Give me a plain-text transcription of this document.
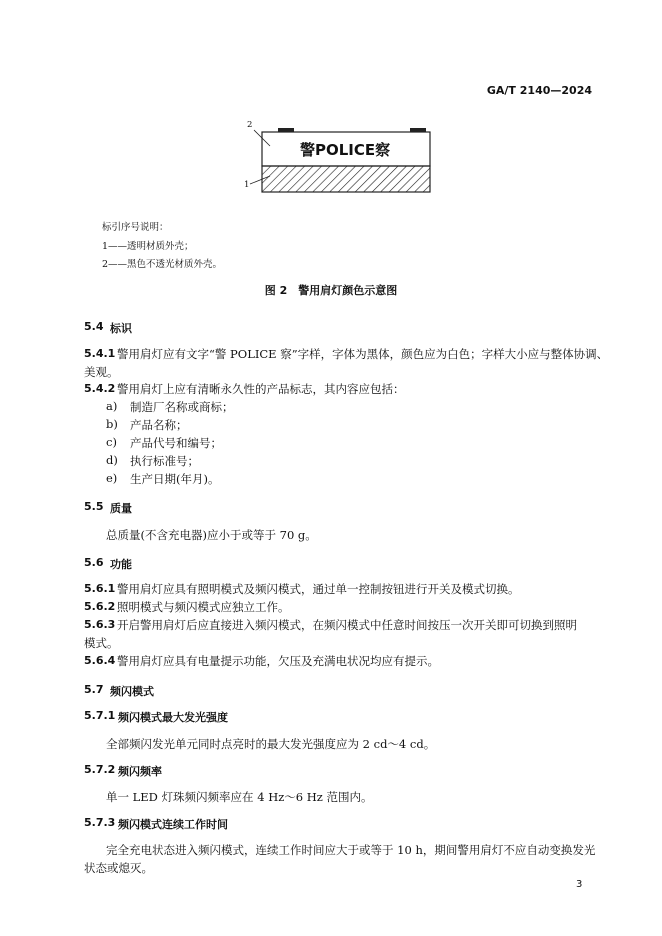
GA/T 2140—2024
2
1
警POLICE察
标引序号说明：
1——透明材质外壳；
2——黑色不透光材质外壳。
图 2　警用肩灯颜色示意图
5.4 标识
5.4.1 警用肩灯应有文字“警 POLICE 察”字样，字体为黑体，颜色应为白色；字样大小应与整体协调、
美观。
5.4.2 警用肩灯上应有清晰永久性的产品标志，其内容应包括：
a) 制造厂名称或商标；
b) 产品名称；
c) 产品代号和编号；
d) 执行标准号；
e) 生产日期(年月)。
5.5 质量
总质量(不含充电器)应小于或等于 70 g。
5.6 功能
5.6.1 警用肩灯应具有照明模式及频闪模式，通过单一控制按钮进行开关及模式切换。
5.6.2 照明模式与频闪模式应独立工作。
5.6.3 开启警用肩灯后应直接进入频闪模式，在频闪模式中任意时间按压一次开关即可切换到照明
模式。
5.6.4 警用肩灯应具有电量提示功能，欠压及充满电状况均应有提示。
5.7 频闪模式
5.7.1 频闪模式最大发光强度
全部频闪发光单元同时点亮时的最大发光强度应为 2 cd～4 cd。
5.7.2 频闪频率
单一 LED 灯珠频闪频率应在 4 Hz～6 Hz 范围内。
5.7.3 频闪模式连续工作时间
完全充电状态进入频闪模式，连续工作时间应大于或等于 10 h，期间警用肩灯不应自动变换发光
状态或熄灭。
3
